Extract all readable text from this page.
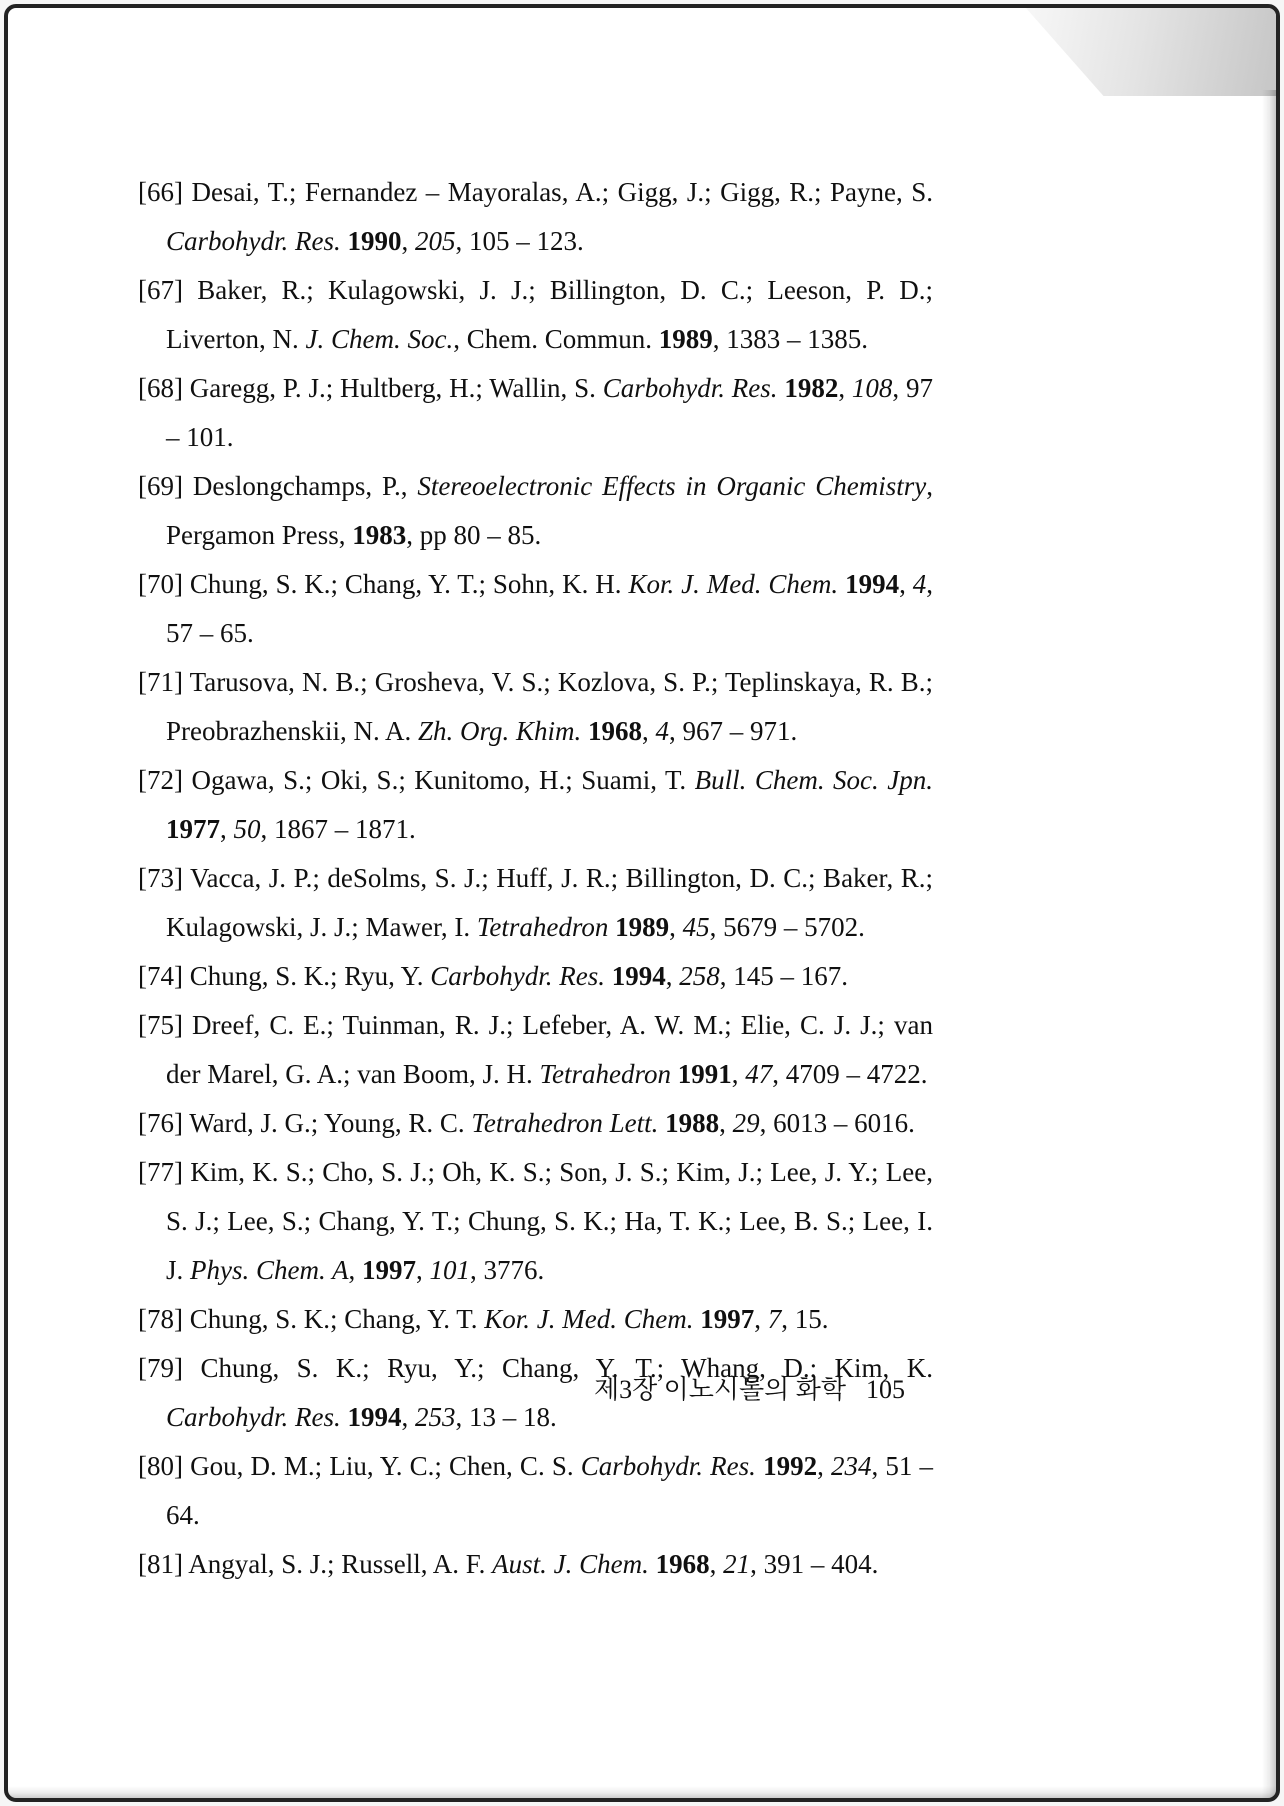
[66] Desai, T.; Fernandez – Mayoralas, A.; Gigg, J.; Gigg, R.; Payne, S. Carbohydr. Res. 1990, 205, 105 – 123.

[67] Baker, R.; Kulagowski, J. J.; Billington, D. C.; Leeson, P. D.; Liverton, N. J. Chem. Soc., Chem. Commun. 1989, 1383 – 1385.

[68] Garegg, P. J.; Hultberg, H.; Wallin, S. Carbohydr. Res. 1982, 108, 97 – 101.

[69] Deslongchamps, P., Stereoelectronic Effects in Organic Chemistry, Pergamon Press, 1983, pp 80 – 85.

[70] Chung, S. K.; Chang, Y. T.; Sohn, K. H. Kor. J. Med. Chem. 1994, 4, 57 – 65.

[71] Tarusova, N. B.; Grosheva, V. S.; Kozlova, S. P.; Teplinskaya, R. B.; Preobrazhenskii, N. A. Zh. Org. Khim. 1968, 4, 967 – 971.

[72] Ogawa, S.; Oki, S.; Kunitomo, H.; Suami, T. Bull. Chem. Soc. Jpn. 1977, 50, 1867 – 1871.

[73] Vacca, J. P.; deSolms, S. J.; Huff, J. R.; Billington, D. C.; Baker, R.; Kulagowski, J. J.; Mawer, I. Tetrahedron 1989, 45, 5679 – 5702.

[74] Chung, S. K.; Ryu, Y. Carbohydr. Res. 1994, 258, 145 – 167.

[75] Dreef, C. E.; Tuinman, R. J.; Lefeber, A. W. M.; Elie, C. J. J.; van der Marel, G. A.; van Boom, J. H. Tetrahedron 1991, 47, 4709 – 4722.

[76] Ward, J. G.; Young, R. C. Tetrahedron Lett. 1988, 29, 6013 – 6016.

[77] Kim, K. S.; Cho, S. J.; Oh, K. S.; Son, J. S.; Kim, J.; Lee, J. Y.; Lee, S. J.; Lee, S.; Chang, Y. T.; Chung, S. K.; Ha, T. K.; Lee, B. S.; Lee, I. J. Phys. Chem. A, 1997, 101, 3776.

[78] Chung, S. K.; Chang, Y. T. Kor. J. Med. Chem. 1997, 7, 15.

[79] Chung, S. K.; Ryu, Y.; Chang, Y. T.; Whang, D.; Kim, K. Carbohydr. Res. 1994, 253, 13 – 18.

[80] Gou, D. M.; Liu, Y. C.; Chen, C. S. Carbohydr. Res. 1992, 234, 51 – 64.

[81] Angyal, S. J.; Russell, A. F. Aust. J. Chem. 1968, 21, 391 – 404.

제3장 이노시톨의 화학 105
